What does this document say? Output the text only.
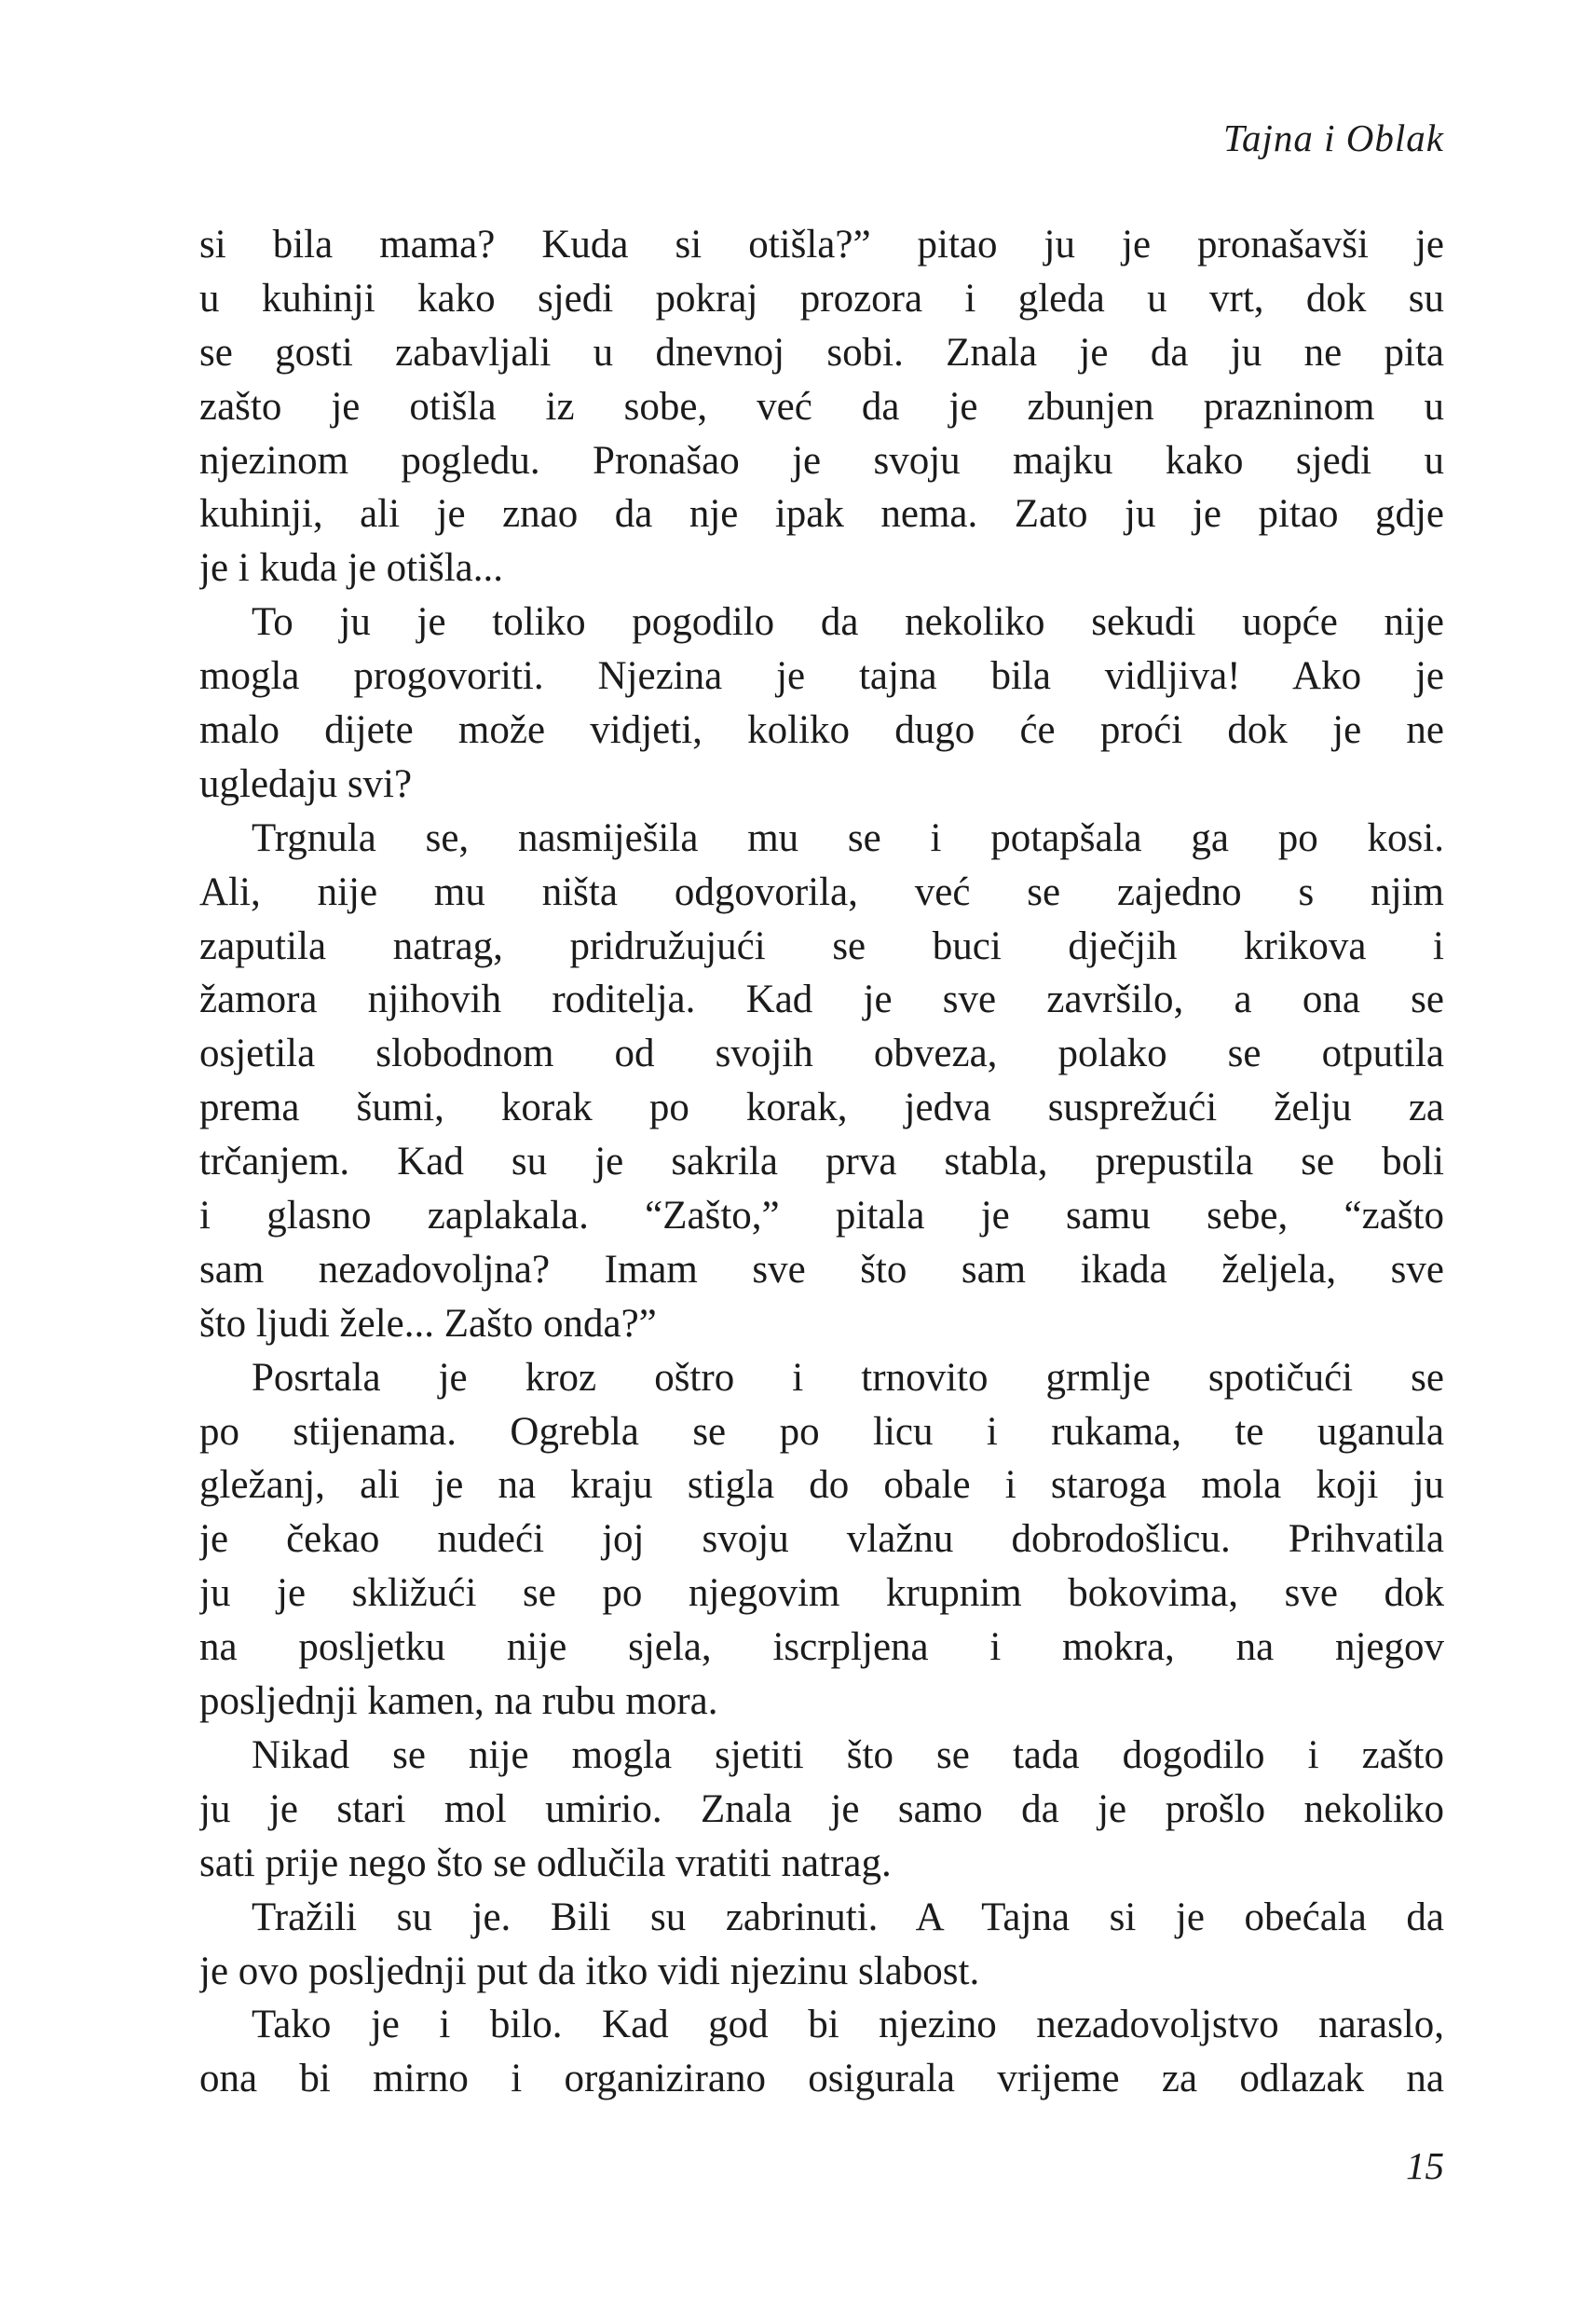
Tajna i Oblak
si bila mama? Kuda si otišla?” pitao ju je pronašavši je
u kuhinji kako sjedi pokraj prozora i gleda u vrt, dok su
se gosti zabavljali u dnevnoj sobi. Znala je da ju ne pita
zašto je otišla iz sobe, već da je zbunjen prazninom u
njezinom pogledu. Pronašao je svoju majku kako sjedi u
kuhinji, ali je znao da nje ipak nema. Zato ju je pitao gdje
je i kuda je otišla...
To ju je toliko pogodilo da nekoliko sekudi uopće nije
mogla progovoriti. Njezina je tajna bila vidljiva! Ako je
malo dijete može vidjeti, koliko dugo će proći dok je ne
ugledaju svi?
Trgnula se, nasmiješila mu se i potapšala ga po kosi.
Ali, nije mu ništa odgovorila, već se zajedno s njim
zaputila natrag, pridružujući se buci dječjih krikova i
žamora njihovih roditelja. Kad je sve završilo, a ona se
osjetila slobodnom od svojih obveza, polako se otputila
prema šumi, korak po korak, jedva susprežući želju za
trčanjem. Kad su je sakrila prva stabla, prepustila se boli
i glasno zaplakala. “Zašto,” pitala je samu sebe, “zašto
sam nezadovoljna? Imam sve što sam ikada željela, sve
što ljudi žele... Zašto onda?”
Posrtala je kroz oštro i trnovito grmlje spotičući se
po stijenama. Ogrebla se po licu i rukama, te uganula
gležanj, ali je na kraju stigla do obale i staroga mola koji ju
je čekao nudeći joj svoju vlažnu dobrodošlicu. Prihvatila
ju je skližući se po njegovim krupnim bokovima, sve dok
na posljetku nije sjela, iscrpljena i mokra, na njegov
posljednji kamen, na rubu mora.
Nikad se nije mogla sjetiti što se tada dogodilo i zašto
ju je stari mol umirio. Znala je samo da je prošlo nekoliko
sati prije nego što se odlučila vratiti natrag.
Tražili su je. Bili su zabrinuti. A Tajna si je obećala da
je ovo posljednji put da itko vidi njezinu slabost.
Tako je i bilo. Kad god bi njezino nezadovoljstvo naraslo,
ona bi mirno i organizirano osigurala vrijeme za odlazak na
15
